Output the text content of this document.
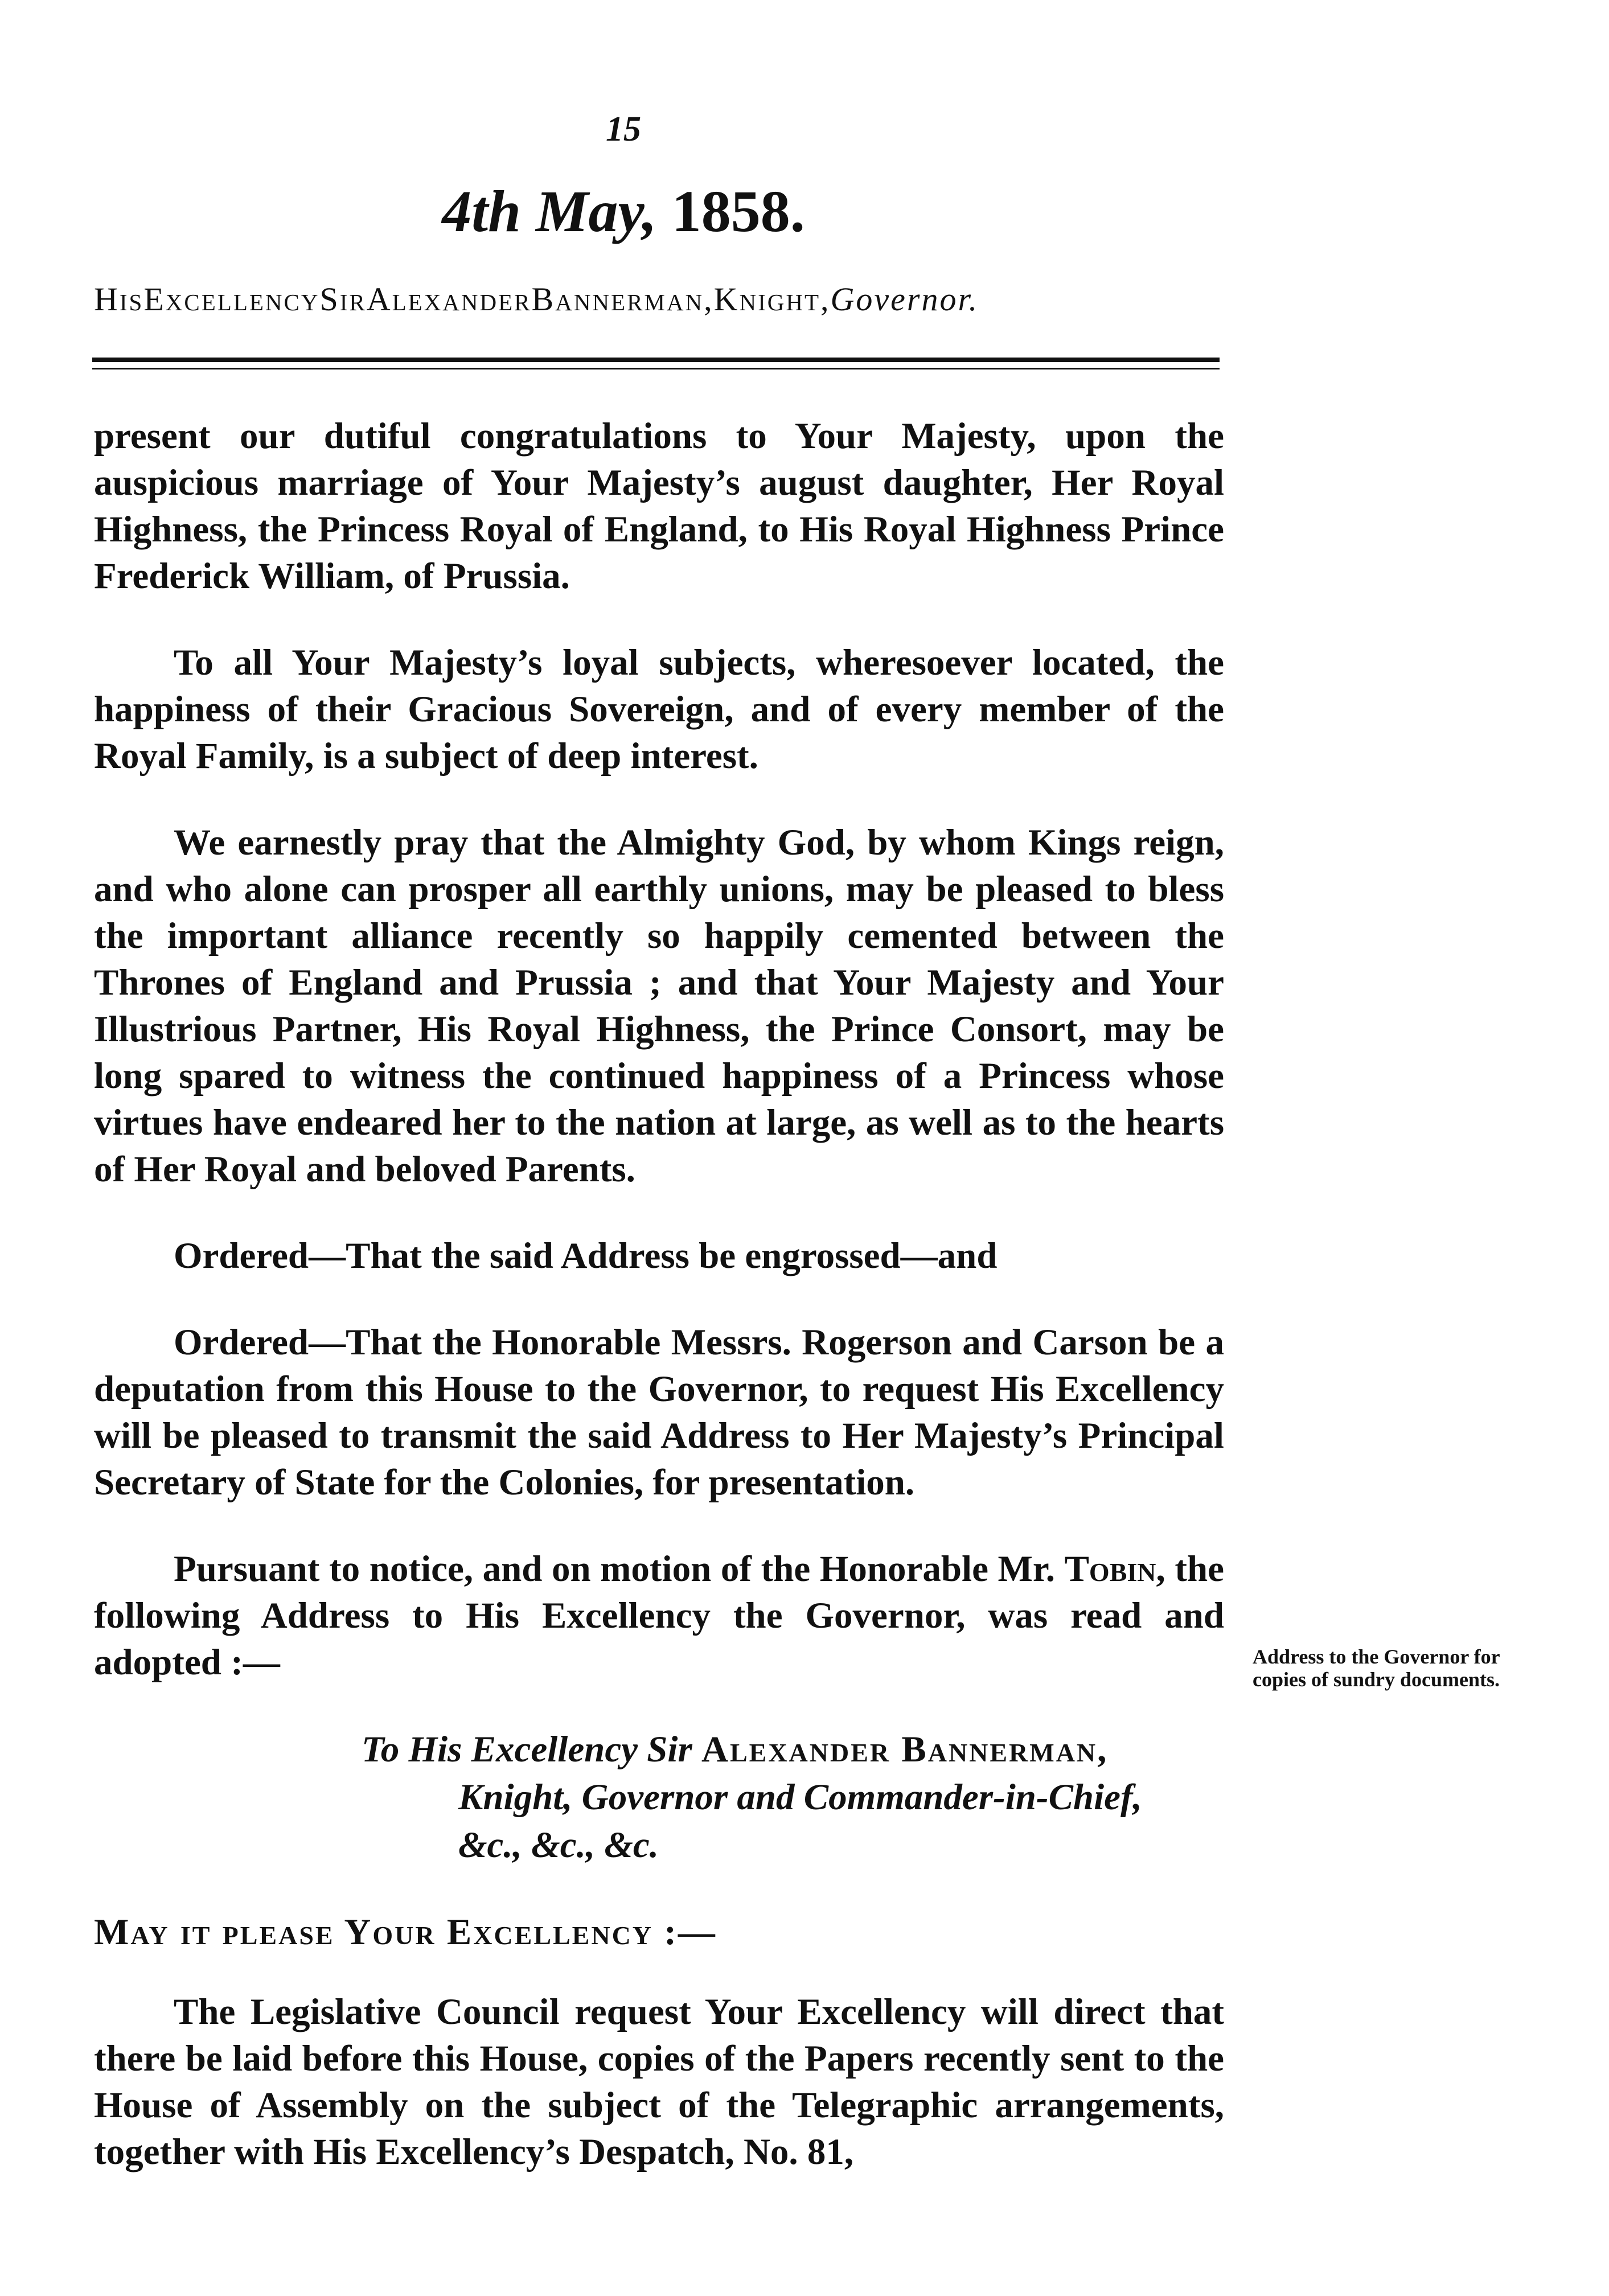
15
4th May, 1858.
HisExcellencySirAlexanderBannerman,Knight,Governor.

present our dutiful congratulations to Your Majesty, upon the auspicious marriage of Your Majesty’s august daughter, Her Royal Highness, the Princess Royal of England, to His Royal Highness Prince Frederick William, of Prussia.

To all Your Majesty’s loyal subjects, wheresoever located, the happiness of their Gracious Sovereign, and of every member of the Royal Family, is a subject of deep interest.

We earnestly pray that the Almighty God, by whom Kings reign, and who alone can prosper all earthly unions, may be pleased to bless the important alliance recently so happily cemented between the Thrones of England and Prussia ; and that Your Majesty and Your Illustrious Partner, His Royal Highness, the Prince Consort, may be long spared to witness the continued happiness of a Princess whose virtues have endeared her to the nation at large, as well as to the hearts of Her Royal and beloved Parents.

Ordered—That the said Address be engrossed—and

Ordered—That the Honorable Messrs. Rogerson and Carson be a deputation from this House to the Governor, to request His Excellency will be pleased to transmit the said Address to Her Majesty’s Principal Secretary of State for the Colonies, for presentation.

Pursuant to notice, and on motion of the Honorable Mr. Tobin, the following Address to His Excellency the Governor, was read and adopted :—

To His Excellency Sir Alexander Bannerman,
Knight, Governor and Commander-in-Chief,
&c., &c., &c.
May it please Your Excellency :—

The Legislative Council request Your Excellency will direct that there be laid before this House, copies of the Papers recently sent to the House of Assembly on the subject of the Telegraphic arrangements, together with His Excellency’s Despatch, No. 81,

Address to the Governor for copies of sundry documents.
